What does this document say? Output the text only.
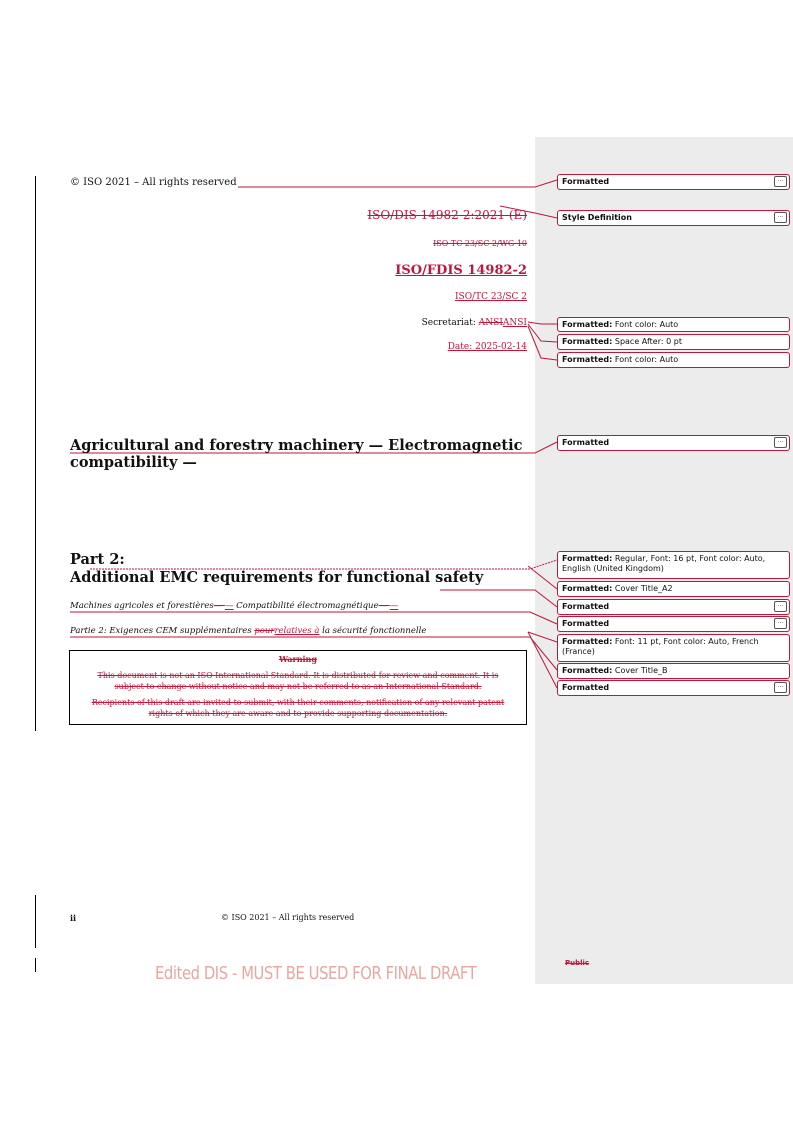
© ISO 2021 – All rights reserved
ISO/DIS 14982-2:2021 (E)
ISO TC 23/SC 2/WG 10
ISO/FDIS 14982-2
ISO/TC 23/SC 2
Secretariat: ANSIANSI
Date: 2025-02-14
Agricultural and forestry machinery — Electromagnetic
compatibility —
Part 2:
Additional EMC requirements for functional safety
Machines agricoles et forestières— — Compatibilité électromagnétique— —
Partie 2: Exigences CEM supplémentaires pourrelatives à la sécurité fonctionnelle
Warning
This document is not an ISO International Standard. It is distributed for review and comment. It is subject to change without notice and may not be referred to as an International Standard.
Recipients of this draft are invited to submit, with their comments, notification of any relevant patent rights of which they are aware and to provide supporting documentation.
ii	© ISO 2021 – All rights reserved
Edited DIS - MUST BE USED FOR FINAL DRAFT	Public
Formatted	...
Style Definition	...
Formatted: Font color: Auto
Formatted: Space After: 0 pt
Formatted: Font color: Auto
Formatted	...
Formatted: Regular, Font: 16 pt, Font color: Auto, English (United Kingdom)
Formatted: Cover Title_A2
Formatted	...
Formatted	...
Formatted: Font: 11 pt, Font color: Auto, French (France)
Formatted: Cover Title_B
Formatted	...
